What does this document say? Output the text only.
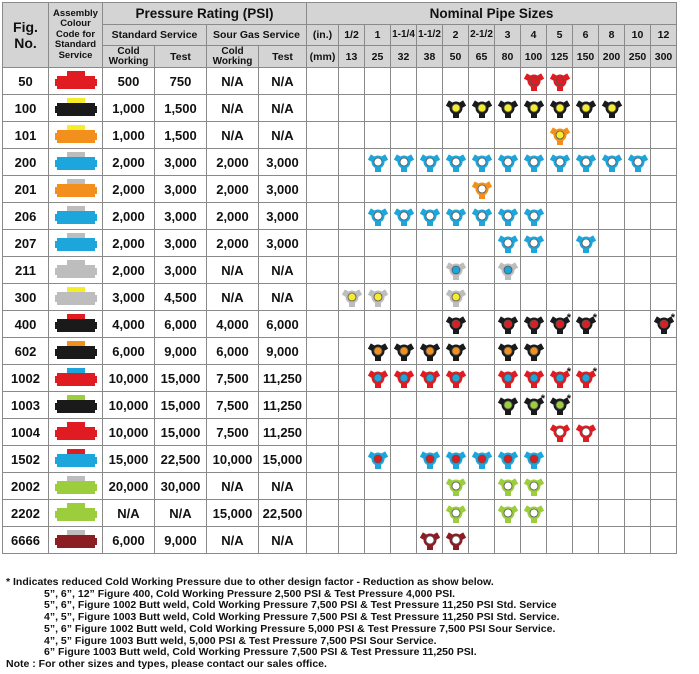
Fig. No.	Assembly Colour Code for Standard Service	Pressure Rating (PSI)				Nominal Pipe Sizes													
		Standard Service		Sour Gas Service		(in.)	1/2	1	1-1/4	1-1/2	2	2-1/2	3	4	5	6	8	10	12
		Cold Working	Test	Cold Working	Test	(mm)	13	25	32	38	50	65	80	100	125	150	200	250	300
50		500	750	N/A	N/A									

100		1,000	1,500	N/A	N/A						

101		1,000	1,500	N/A	N/A										

200		2,000	3,000	2,000	3,000			

201		2,000	3,000	2,000	3,000							

206		2,000	3,000	2,000	3,000			

207		2,000	3,000	2,000	3,000								

211		2,000	3,000	N/A	N/A						

300		3,000	4,500	N/A	N/A		

400		4,000	6,000	4,000	6,000										*	*			*

602		6,000	9,000	6,000	9,000			

1002		10,000	15,000	7,500	11,250										*	*			

1003		10,000	15,000	7,500	11,250									*	*				

1004		10,000	15,000	7,500	11,250										

1502		15,000	22,500	10,000	15,000			

2002		20,000	30,000	N/A	N/A						

2202		N/A	N/A	15,000	22,500						

6666		6,000	9,000	N/A	N/A					

* Indicates reduced Cold Working Pressure due to other design factor - Reduction as show below.
5”, 6”, 12” Figure 400, Cold Working Pressure 2,500 PSI & Test Pressure 4,000 PSI.
5”, 6”, Figure 1002 Butt weld, Cold Working Pressure 7,500 PSI & Test Pressure 11,250 PSI Std. Service
4”, 5”, Figure 1003 Butt weld, Cold Working Pressure 7,500 PSI & Test Pressure 11,250 PSI Std. Service.
5”, 6” Figure 1002 Butt weld, Cold Working Pressure 5,000 PSI & Test Pressure 7,500 PSI Sour Service.
4”, 5” Figure 1003 Butt weld, 5,000 PSI & Test Pressure 7,500 PSI Sour Service.
6” Figure 1003 Butt weld, Cold Working Pressure 7,500 PSI & Test Pressure 11,250 PSI.
Note : For other sizes and types, please contact our sales office.
